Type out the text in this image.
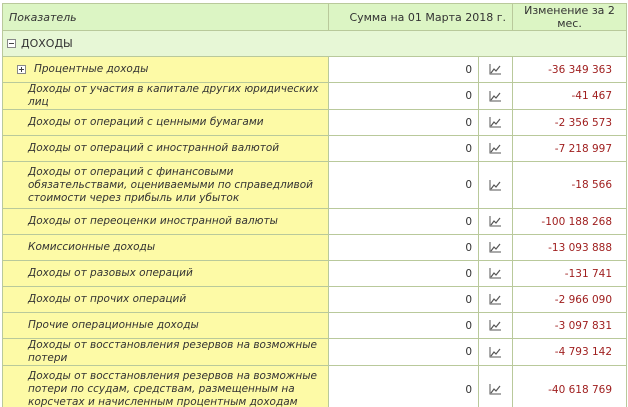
Показатель	Сумма на 01 Марта 2018 г.		Изменение за 2 мес.

ДОХОДЫ			

Процентные доходы	0		-36 349 363
Доходы от участия в капитале других юридических лиц	0		-41 467
Доходы от операций с ценными бумагами	0		-2 356 573
Доходы от операций с иностранной валютой	0		-7 218 997
Доходы от операций с финансовыми обязательствами, оцениваемыми по справедливой стоимости через прибыль или убыток	0		-18 566
Доходы от переоценки иностранной валюты	0		-100 188 268
Комиссионные доходы	0		-13 093 888
Доходы от разовых операций	0		-131 741
Доходы от прочих операций	0		-2 966 090
Прочие операционные доходы	0		-3 097 831
Доходы от восстановления резервов на возможные потери	0		-4 793 142
Доходы от восстановления резервов на возможные потери по ссудам, средствам, размещенным на корсчетах и начисленным процентным доходам	0		-40 618 769
